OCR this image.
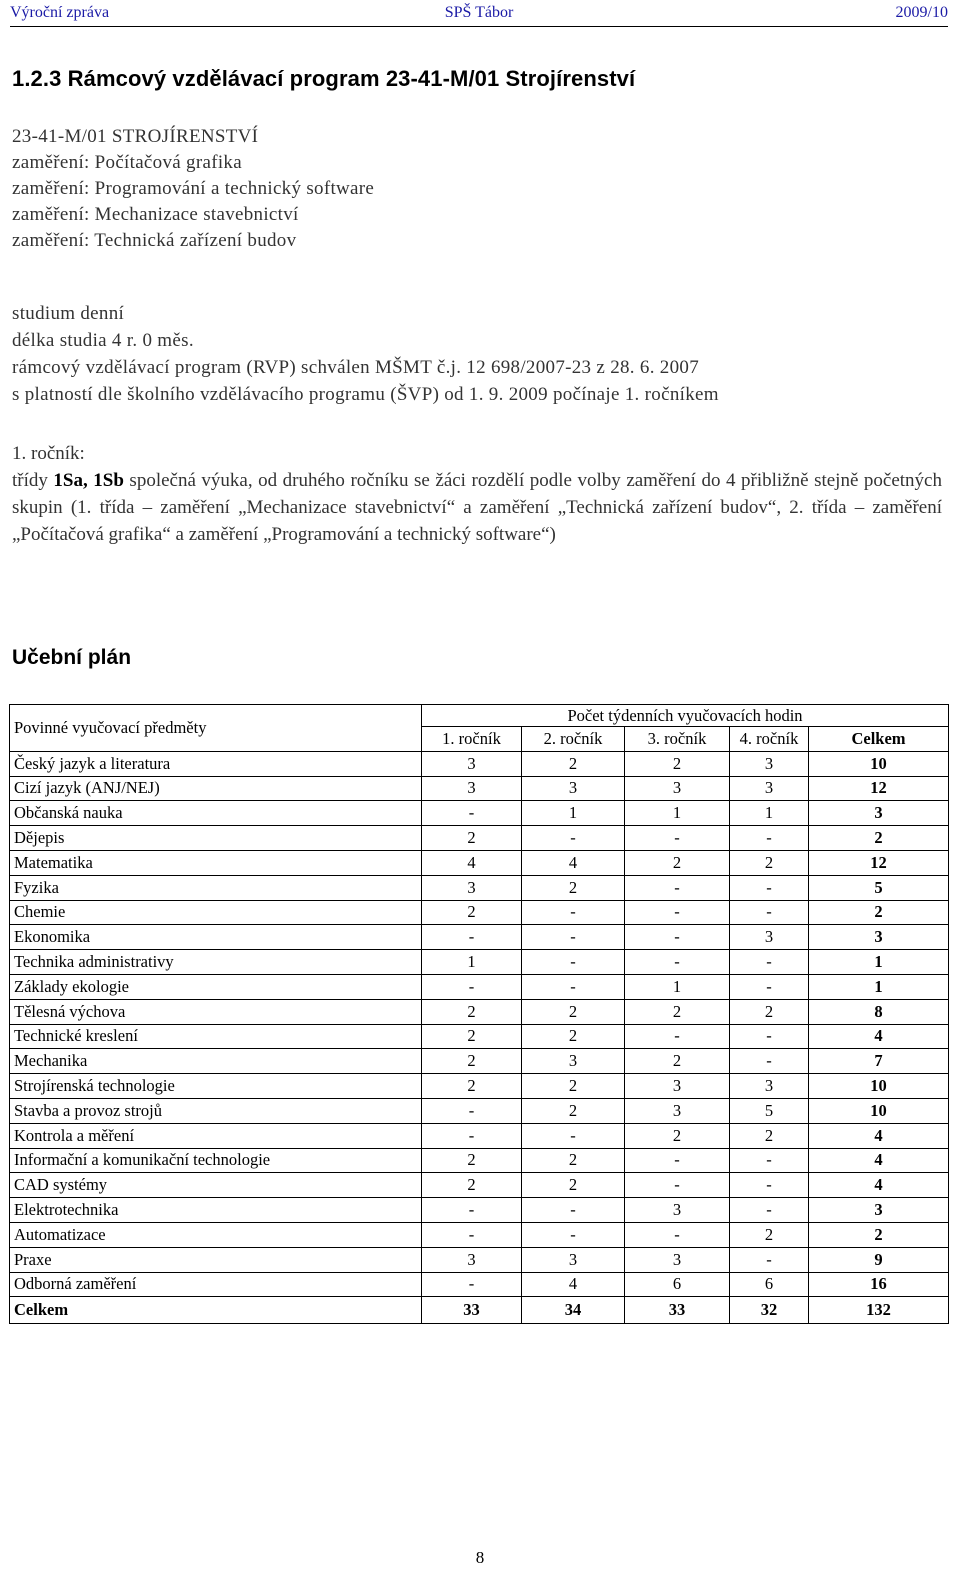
Výroční zpráva	SPŠ Tábor	2009/10
1.2.3 Rámcový vzdělávací program 23-41-M/01 Strojírenství
23-41-M/01 STROJÍRENSTVÍ
zaměření: Počítačová grafika
zaměření: Programování a technický software
zaměření: Mechanizace stavebnictví
zaměření: Technická zařízení budov
studium denní
délka studia 4 r. 0 měs.
rámcový vzdělávací program (RVP) schválen MŠMT č.j. 12 698/2007-23 z 28. 6. 2007
s platností dle školního vzdělávacího programu (ŠVP) od 1. 9. 2009 počínaje 1. ročníkem
1. ročník:
třídy 1Sa, 1Sb společná výuka, od druhého ročníku se žáci rozdělí podle volby zaměření do 4 přibližně stejně početných skupin (1. třída – zaměření „Mechanizace stavebnictví“ a zaměření „Technická zařízení budov“, 2. třída – zaměření „Počítačová grafika“ a zaměření „Programování a technický software“)
Učební plán
Povinné vyučovací předměty	Počet týdenních vyučovacích hodin				
	1. ročník	2. ročník	3. ročník	4. ročník	Celkem
Český jazyk a literatura	3	2	2	3	10
Cizí jazyk (ANJ/NEJ)	3	3	3	3	12
Občanská nauka	-	1	1	1	3
Dějepis	2	-	-	-	2
Matematika	4	4	2	2	12
Fyzika	3	2	-	-	5
Chemie	2	-	-	-	2
Ekonomika	-	-	-	3	3
Technika administrativy	1	-	-	-	1
Základy ekologie	-	-	1	-	1
Tělesná výchova	2	2	2	2	8
Technické kreslení	2	2	-	-	4
Mechanika	2	3	2	-	7
Strojírenská technologie	2	2	3	3	10
Stavba a provoz strojů	-	2	3	5	10
Kontrola a měření	-	-	2	2	4
Informační a komunikační technologie	2	2	-	-	4
CAD systémy	2	2	-	-	4
Elektrotechnika	-	-	3	-	3
Automatizace	-	-	-	2	2
Praxe	3	3	3	-	9
Odborná zaměření	-	4	6	6	16
Celkem	33	34	33	32	132
8
